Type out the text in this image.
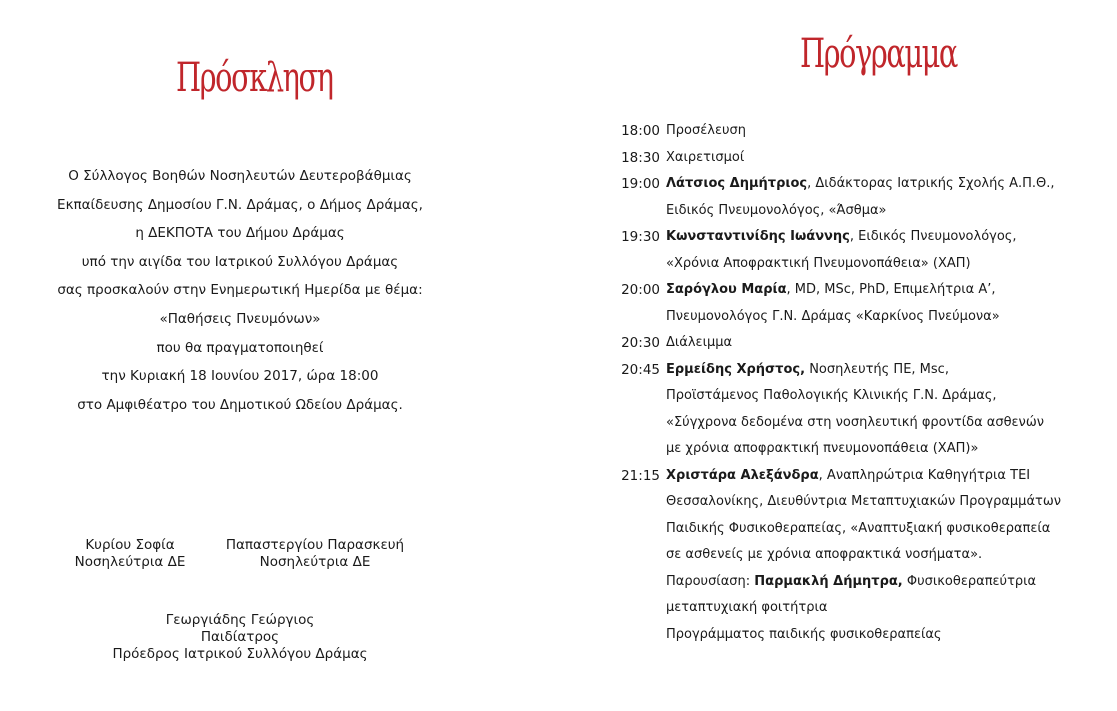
Πρόσκληση
Ο Σύλλογος Βοηθών Νοσηλευτών Δευτεροβάθμιας
Εκπαίδευσης Δημοσίου Γ.Ν. Δράμας, ο Δήμος Δράμας,
η ΔΕΚΠΟΤΑ του Δήμου Δράμας
υπό την αιγίδα του Ιατρικού Συλλόγου Δράμας
σας προσκαλούν στην Ενημερωτική Ημερίδα με θέμα:
«Παθήσεις Πνευμόνων»
που θα πραγματοποιηθεί
την Κυριακή 18 Ιουνίου 2017, ώρα 18:00
στο Αμφιθέατρο του Δημοτικού Ωδείου Δράμας.
Κυρίου Σοφία
Νοσηλεύτρια ΔΕ
Παπαστεργίου Παρασκευή
Νοσηλεύτρια ΔΕ
Γεωργιάδης Γεώργιος
Παιδίατρος
Πρόεδρος Ιατρικού Συλλόγου Δράμας
Πρόγραμμα
18:00 Προσέλευση
18:30 Χαιρετισμοί
19:00 Λάτσιος Δημήτριος, Διδάκτορας Ιατρικής Σχολής Α.Π.Θ.,
Ειδικός Πνευμονολόγος, «Άσθμα»
19:30 Κωνσταντινίδης Ιωάννης, Ειδικός Πνευμονολόγος,
«Χρόνια Αποφρακτική Πνευμονοπάθεια» (ΧΑΠ)
20:00 Σαρόγλου Μαρία, MD, MSc, PhD, Επιμελήτρια Α’,
Πνευμονολόγος Γ.Ν. Δράμας «Καρκίνος Πνεύμονα»
20:30 Διάλειμμα
20:45 Ερμείδης Χρήστος, Νοσηλευτής ΠΕ, Msc,
Προϊστάμενος Παθολογικής Κλινικής Γ.Ν. Δράμας,
«Σύγχρονα δεδομένα στη νοσηλευτική φροντίδα ασθενών
με χρόνια αποφρακτική πνευμονοπάθεια (ΧΑΠ)»
21:15 Χριστάρα Αλεξάνδρα, Αναπληρώτρια Καθηγήτρια ΤΕΙ
Θεσσαλονίκης, Διευθύντρια Μεταπτυχιακών Προγραμμάτων
Παιδικής Φυσικοθεραπείας, «Αναπτυξιακή φυσικοθεραπεία
σε ασθενείς με χρόνια αποφρακτικά νοσήματα».
Παρουσίαση: Παρμακλή Δήμητρα, Φυσικοθεραπεύτρια
μεταπτυχιακή φοιτήτρια
Προγράμματος παιδικής φυσικοθεραπείας
